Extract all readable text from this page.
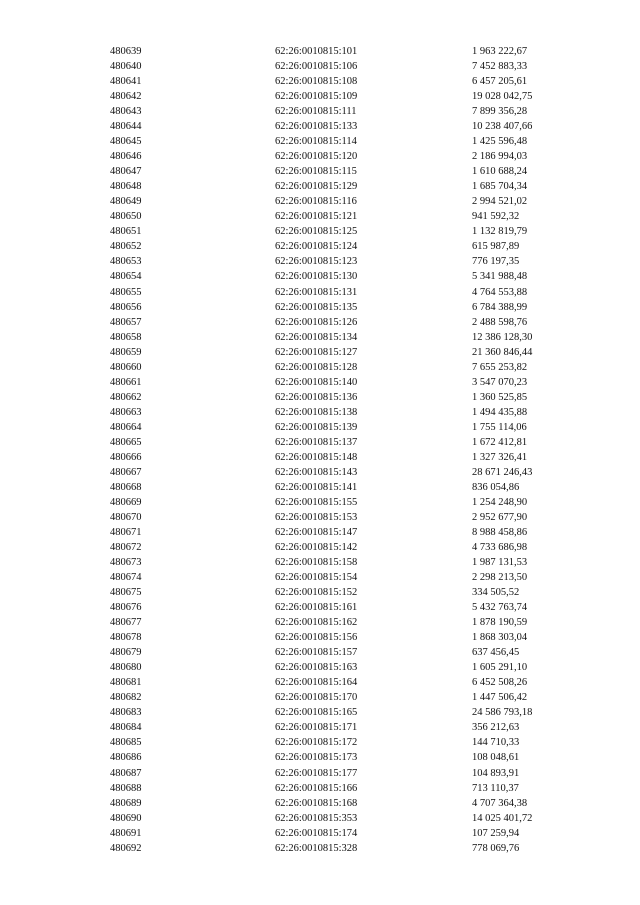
480639	62:26:0010815:101	1 963 222,67
480640	62:26:0010815:106	7 452 883,33
480641	62:26:0010815:108	6 457 205,61
480642	62:26:0010815:109	19 028 042,75
480643	62:26:0010815:111	7 899 356,28
480644	62:26:0010815:133	10 238 407,66
480645	62:26:0010815:114	1 425 596,48
480646	62:26:0010815:120	2 186 994,03
480647	62:26:0010815:115	1 610 688,24
480648	62:26:0010815:129	1 685 704,34
480649	62:26:0010815:116	2 994 521,02
480650	62:26:0010815:121	941 592,32
480651	62:26:0010815:125	1 132 819,79
480652	62:26:0010815:124	615 987,89
480653	62:26:0010815:123	776 197,35
480654	62:26:0010815:130	5 341 988,48
480655	62:26:0010815:131	4 764 553,88
480656	62:26:0010815:135	6 784 388,99
480657	62:26:0010815:126	2 488 598,76
480658	62:26:0010815:134	12 386 128,30
480659	62:26:0010815:127	21 360 846,44
480660	62:26:0010815:128	7 655 253,82
480661	62:26:0010815:140	3 547 070,23
480662	62:26:0010815:136	1 360 525,85
480663	62:26:0010815:138	1 494 435,88
480664	62:26:0010815:139	1 755 114,06
480665	62:26:0010815:137	1 672 412,81
480666	62:26:0010815:148	1 327 326,41
480667	62:26:0010815:143	28 671 246,43
480668	62:26:0010815:141	836 054,86
480669	62:26:0010815:155	1 254 248,90
480670	62:26:0010815:153	2 952 677,90
480671	62:26:0010815:147	8 988 458,86
480672	62:26:0010815:142	4 733 686,98
480673	62:26:0010815:158	1 987 131,53
480674	62:26:0010815:154	2 298 213,50
480675	62:26:0010815:152	334 505,52
480676	62:26:0010815:161	5 432 763,74
480677	62:26:0010815:162	1 878 190,59
480678	62:26:0010815:156	1 868 303,04
480679	62:26:0010815:157	637 456,45
480680	62:26:0010815:163	1 605 291,10
480681	62:26:0010815:164	6 452 508,26
480682	62:26:0010815:170	1 447 506,42
480683	62:26:0010815:165	24 586 793,18
480684	62:26:0010815:171	356 212,63
480685	62:26:0010815:172	144 710,33
480686	62:26:0010815:173	108 048,61
480687	62:26:0010815:177	104 893,91
480688	62:26:0010815:166	713 110,37
480689	62:26:0010815:168	4 707 364,38
480690	62:26:0010815:353	14 025 401,72
480691	62:26:0010815:174	107 259,94
480692	62:26:0010815:328	778 069,76
